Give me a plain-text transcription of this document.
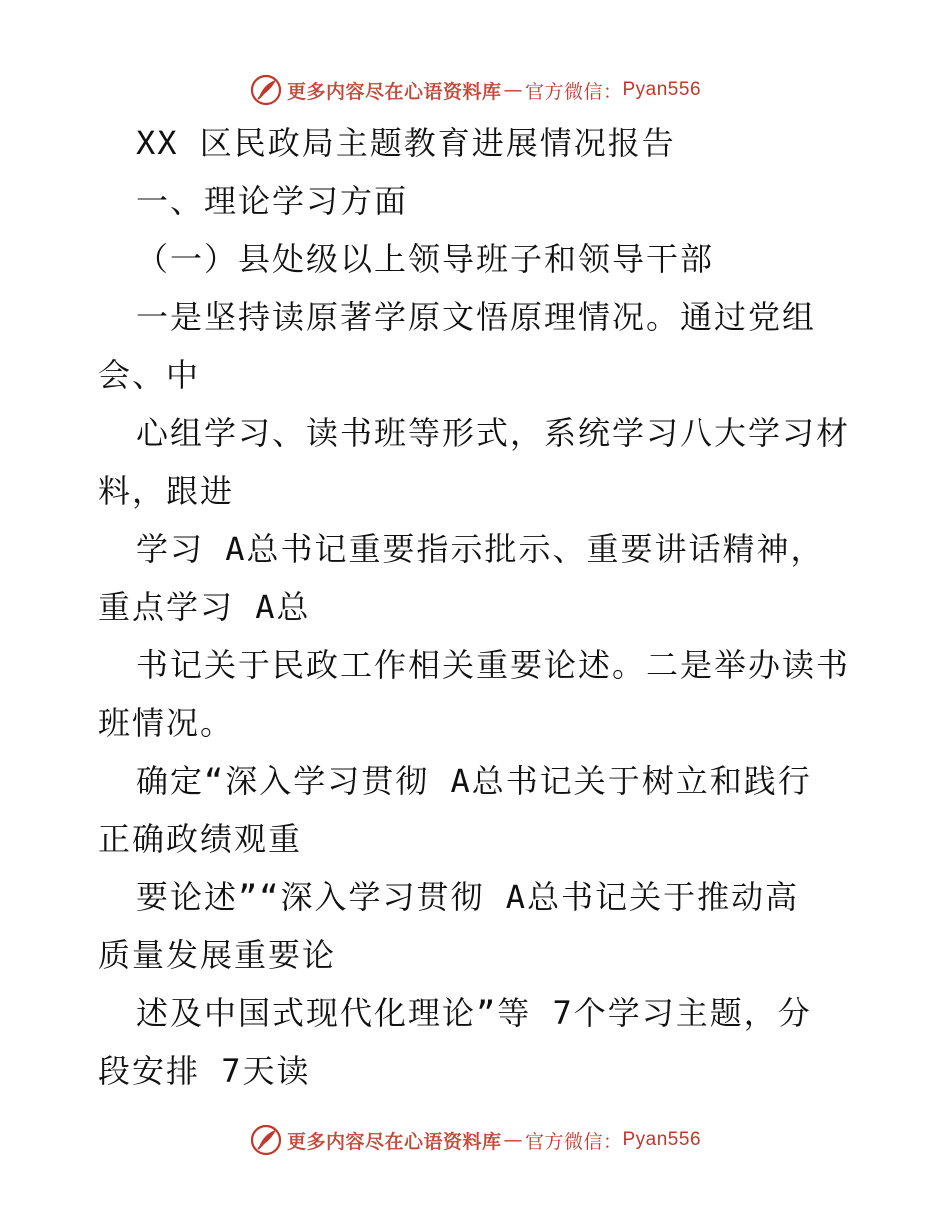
更多内容尽在心语资料库 — 官方微信： Pyan556
XX 区民政局主题教育进展情况报告
一、理论学习方面
（一）县处级以上领导班子和领导干部
一是坚持读原著学原文悟原理情况。通过党组
会、中
心组学习、读书班等形式，系统学习八大学习材
料，跟进
学习 A总书记重要指示批示、重要讲话精神，
重点学习 A总
书记关于民政工作相关重要论述。二是举办读书
班情况。
确定“深入学习贯彻 A总书记关于树立和践行
正确政绩观重
要论述”“深入学习贯彻 A总书记关于推动高
质量发展重要论
述及中国式现代化理论”等 7个学习主题，分
段安排 7天读
更多内容尽在心语资料库 — 官方微信： Pyan556
